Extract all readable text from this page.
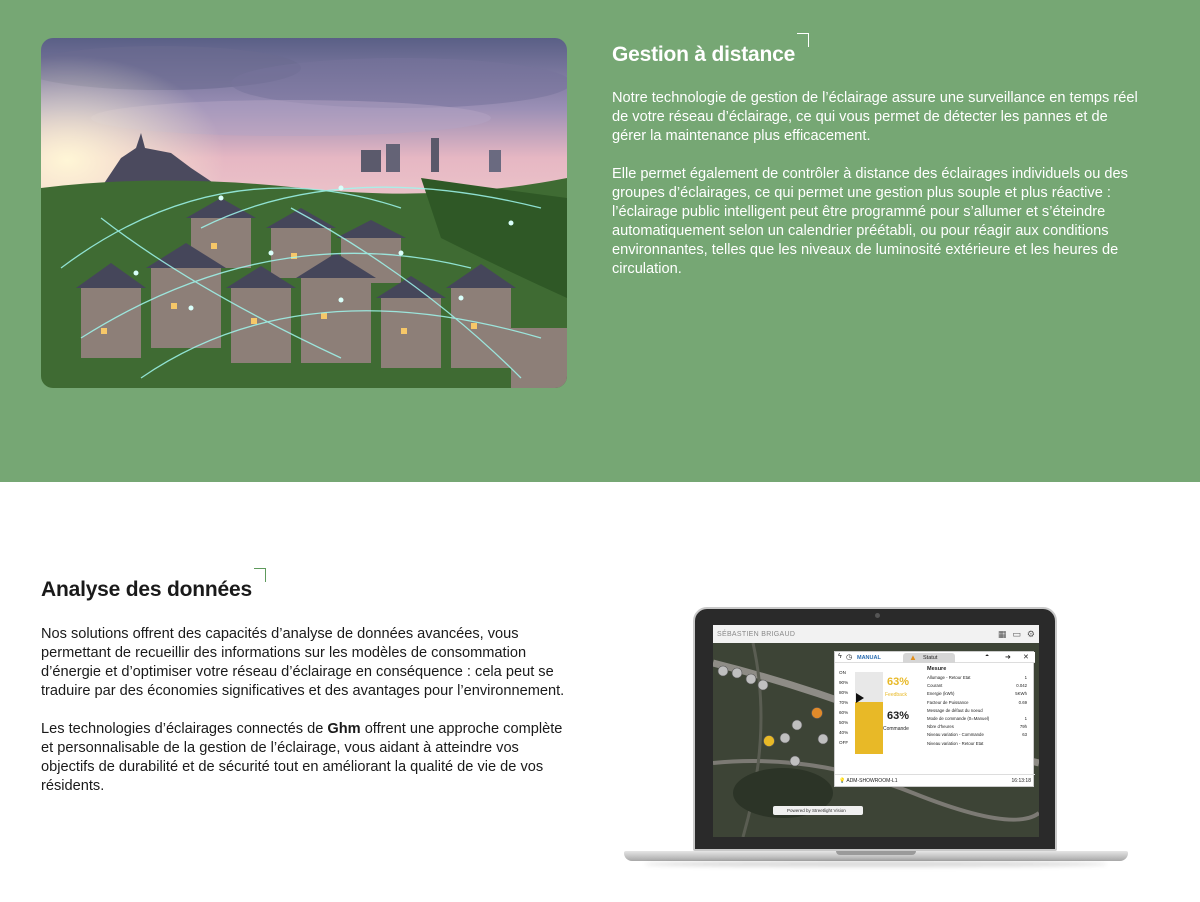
Gestion à distance

Notre technologie de gestion de l’éclairage assure une surveillance en temps réel de votre réseau d’éclairage, ce qui vous permet de détecter les pannes et de gérer la maintenance plus efficacement.

Elle permet également de contrôler à distance des éclairages individuels ou des groupes d’éclairages, ce qui permet une gestion plus souple et plus réactive : l’éclairage public intelligent peut être programmé pour s’allumer et s’éteindre automatiquement selon un calendrier préétabli, ou pour réagir aux conditions environnantes, telles que les niveaux de luminosité extérieure et les heures de circulation.

Analyse des données

Nos solutions offrent des capacités d’analyse de données avancées, vous permettant de recueillir des informations sur les modèles de consommation d’énergie et d’optimiser votre réseau d’éclairage en conséquence : cela peut se traduire par des économies significatives et des avantages pour l’environnement.

Les technologies d’éclairages connectés de Ghm offrent une approche complète et personnalisable de la gestion de l’éclairage, vous aidant à atteindre vos objectifs de durabilité et de sécurité tout en améliorant la qualité de vie de vos résidents.

SÉBASTIEN BRIGAUD	▦ ▭ ⚙
ϟ ◷ MANUAL	Statut
▲	◓ ➜ ✕
ON
90%
80%
70%
60%
50%
40%
OFF
63%
Feedback
63%
Commande
Mesure
Allumage - Retour Etat	1
Courant	0.042
Energie (kWh)	5KWh
Facteur de Puissance	0.69
Message de défaut du noeud
Mode de commande (0=Manuel)	1
Nbre d'heures	79h
Niveau variation - Commande	63
Niveau variation - Retour Etat
💡 ADM-SHOWROOM-L1	16:13:18
Powered by Streetlight Vision
